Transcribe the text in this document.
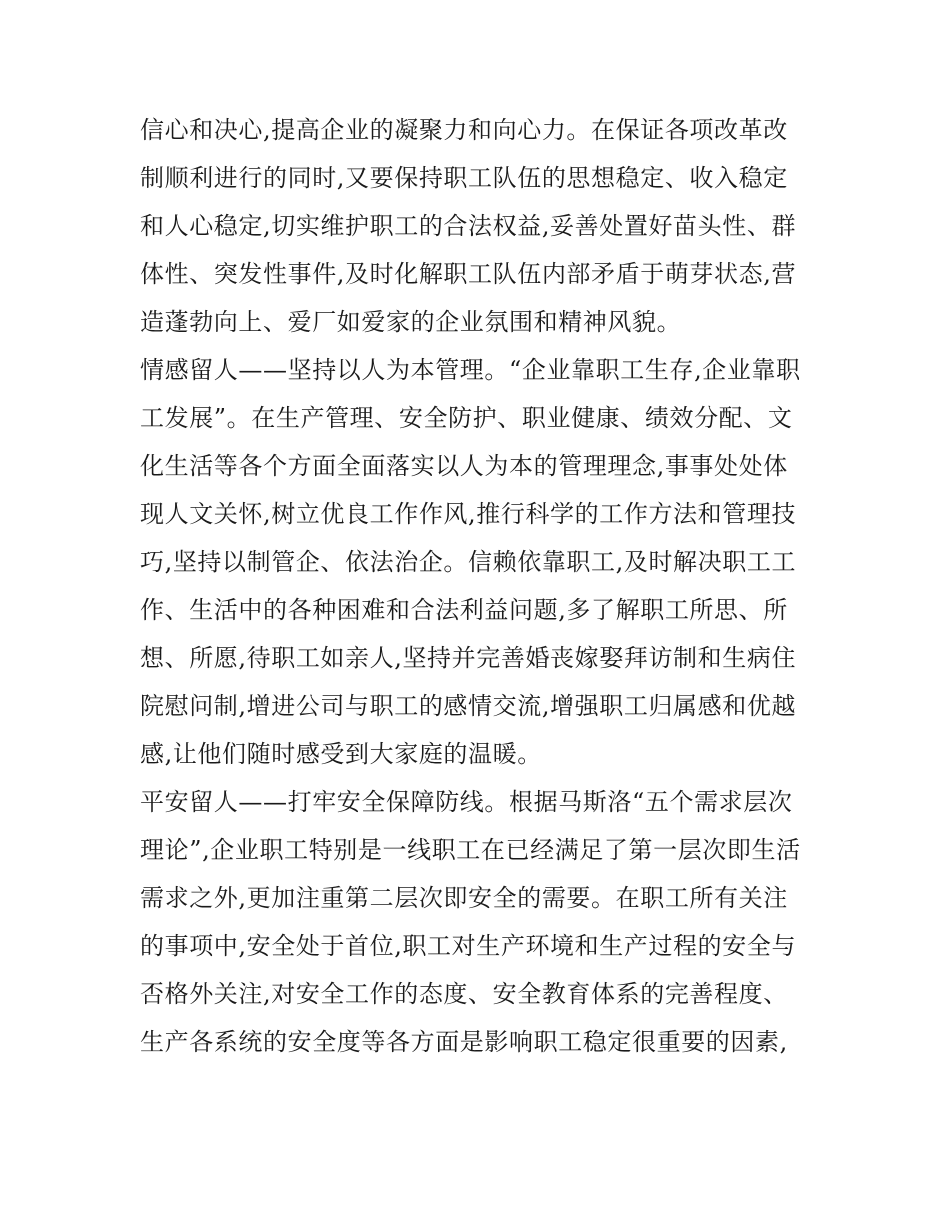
信心和决心,提高企业的凝聚力和向心力。在保证各项改革改
制顺利进行的同时,又要保持职工队伍的思想稳定、收入稳定
和人心稳定,切实维护职工的合法权益,妥善处置好苗头性、群
体性、突发性事件,及时化解职工队伍内部矛盾于萌芽状态,营
造蓬勃向上、爱厂如爱家的企业氛围和精神风貌。
情感留人——坚持以人为本管理。“企业靠职工生存,企业靠职
工发展”。在生产管理、安全防护、职业健康、绩效分配、文
化生活等各个方面全面落实以人为本的管理理念,事事处处体
现人文关怀,树立优良工作作风,推行科学的工作方法和管理技
巧,坚持以制管企、依法治企。信赖依靠职工,及时解决职工工
作、生活中的各种困难和合法利益问题,多了解职工所思、所
想、所愿,待职工如亲人,坚持并完善婚丧嫁娶拜访制和生病住
院慰问制,增进公司与职工的感情交流,增强职工归属感和优越
感,让他们随时感受到大家庭的温暖。
平安留人——打牢安全保障防线。根据马斯洛“五个需求层次
理论”,企业职工特别是一线职工在已经满足了第一层次即生活
需求之外,更加注重第二层次即安全的需要。在职工所有关注
的事项中,安全处于首位,职工对生产环境和生产过程的安全与
否格外关注,对安全工作的态度、安全教育体系的完善程度、
生产各系统的安全度等各方面是影响职工稳定很重要的因素,
